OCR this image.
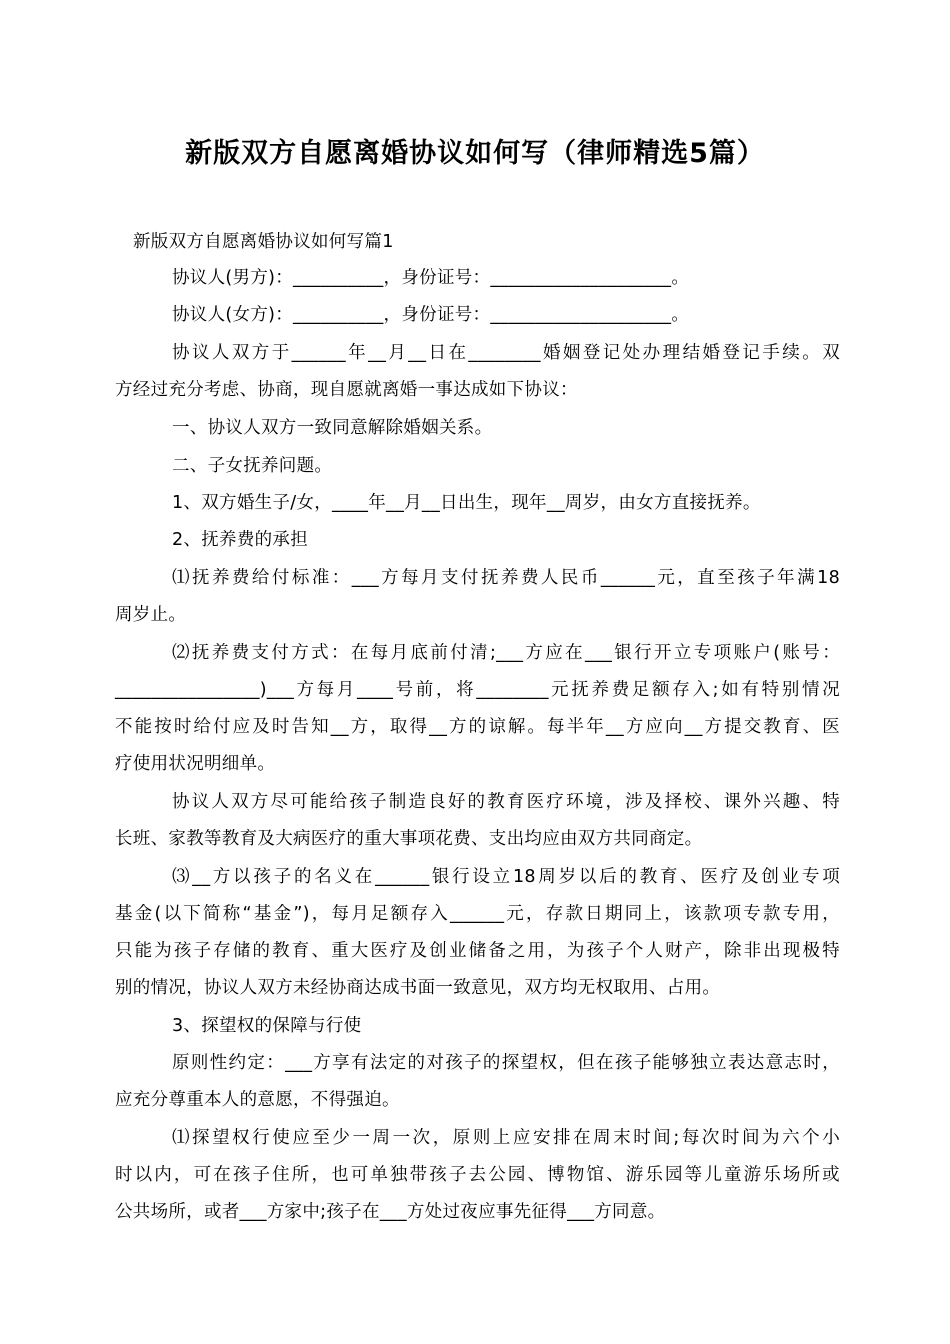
新版双方自愿离婚协议如何写（律师精选5篇）
新版双方自愿离婚协议如何写篇1
协议人(男方)：__________，身份证号：____________________。
协议人(女方)：__________，身份证号：____________________。
协议人双方于______年__月__日在________婚姻登记处办理结婚登记手续。双
方经过充分考虑、协商，现自愿就离婚一事达成如下协议：
一、协议人双方一致同意解除婚姻关系。
二、子女抚养问题。
1、双方婚生子/女，____年__月__日出生，现年__周岁，由女方直接抚养。
2、抚养费的承担
⑴抚养费给付标准：___方每月支付抚养费人民币______元，直至孩子年满18
周岁止。
⑵抚养费支付方式：在每月底前付清;___方应在___银行开立专项账户(账号：
________________)___方每月____号前，将________元抚养费足额存入;如有特别情况
不能按时给付应及时告知__方，取得__方的谅解。每半年__方应向__方提交教育、医
疗使用状况明细单。
协议人双方尽可能给孩子制造良好的教育医疗环境，涉及择校、课外兴趣、特
长班、家教等教育及大病医疗的重大事项花费、支出均应由双方共同商定。
⑶__方以孩子的名义在______银行设立18周岁以后的教育、医疗及创业专项
基金(以下简称“基金”)，每月足额存入______元，存款日期同上，该款项专款专用，
只能为孩子存储的教育、重大医疗及创业储备之用，为孩子个人财产，除非出现极特
别的情况，协议人双方未经协商达成书面一致意见，双方均无权取用、占用。
3、探望权的保障与行使
原则性约定：___方享有法定的对孩子的探望权，但在孩子能够独立表达意志时，
应充分尊重本人的意愿，不得强迫。
⑴探望权行使应至少一周一次，原则上应安排在周末时间;每次时间为六个小
时以内，可在孩子住所，也可单独带孩子去公园、博物馆、游乐园等儿童游乐场所或
公共场所，或者___方家中;孩子在___方处过夜应事先征得___方同意。
